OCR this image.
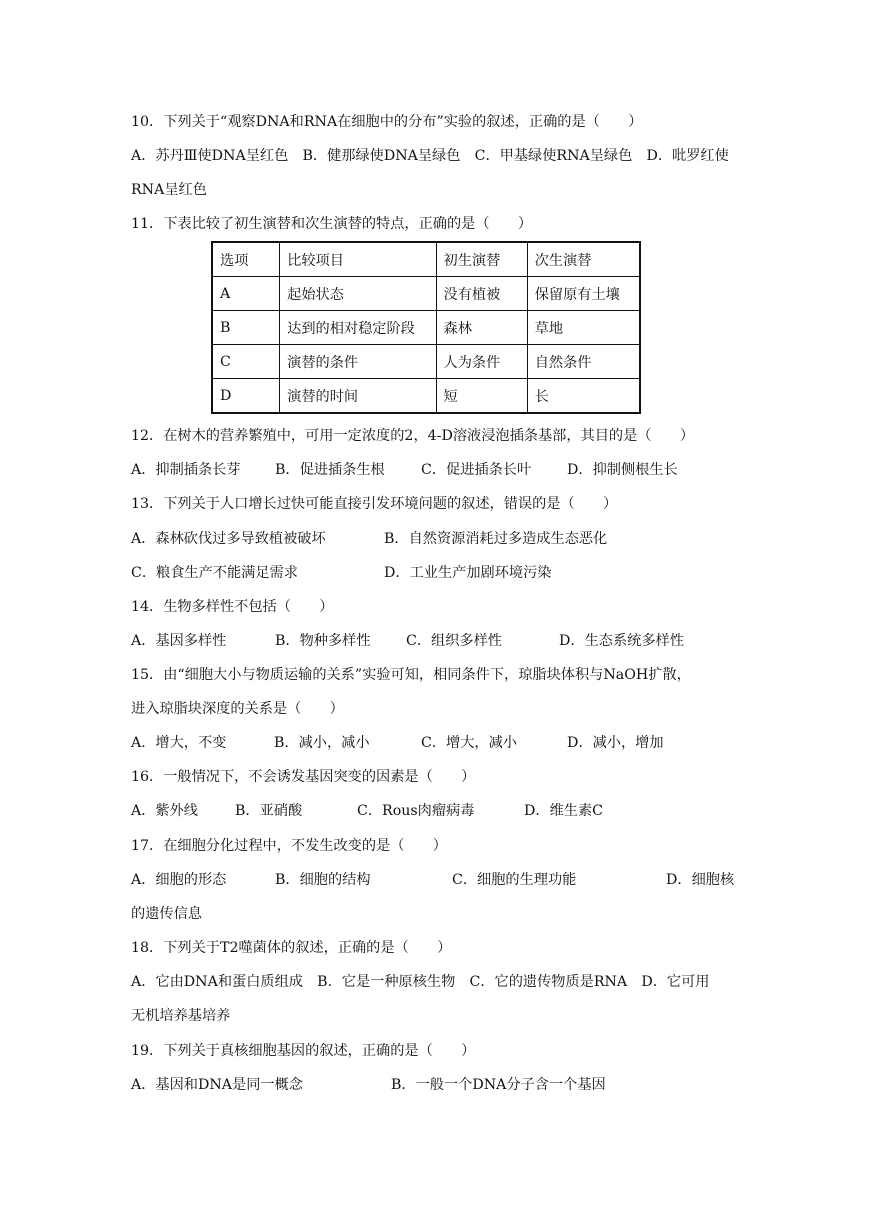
10．下列关于“观察DNA和RNA在细胞中的分布”实验的叙述，正确的是（　　）
A．苏丹Ⅲ使DNA呈红色　B．健那绿使DNA呈绿色　C．甲基绿使RNA呈绿色　D．吡罗红使
RNA呈红色
11．下表比较了初生演替和次生演替的特点，正确的是（　　）
选项	比较项目	初生演替	次生演替
A	起始状态	没有植被	保留原有土壤
B	达到的相对稳定阶段	森林	草地
C	演替的条件	人为条件	自然条件
D	演替的时间	短	长
12．在树木的营养繁殖中，可用一定浓度的2，4-D溶液浸泡插条基部，其目的是（　　）
A．抑制插条长芽 B．促进插条生根	C．促进插条长叶	D．抑制侧根生长
13．下列关于人口增长过快可能直接引发环境问题的叙述，错误的是（　　）
A．森林砍伐过多导致植被破坏	B．自然资源消耗过多造成生态恶化
C．粮食生产不能满足需求	D．工业生产加剧环境污染
14．生物多样性不包括（　　）
A．基因多样性	B．物种多样性 C．组织多样性	D．生态系统多样性
15．由“细胞大小与物质运输的关系”实验可知，相同条件下，琼脂块体积与NaOH扩散，
进入琼脂块深度的关系是（　　）
A．增大，不变	B．减小，减小	C．增大，减小	D．减小，增加
16．一般情况下，不会诱发基因突变的因素是（　　）
A．紫外线	B．亚硝酸	C．Rous肉瘤病毒	D．维生素C
17．在细胞分化过程中，不发生改变的是（　　）
A．细胞的形态	B．细胞的结构	C．细胞的生理功能	D．细胞核
的遗传信息
18．下列关于T2噬菌体的叙述，正确的是（　　）
A．它由DNA和蛋白质组成　B．它是一种原核生物　C．它的遗传物质是RNA　D．它可用
无机培养基培养
19．下列关于真核细胞基因的叙述，正确的是（　　）
A．基因和DNA是同一概念	B．一般一个DNA分子含一个基因
